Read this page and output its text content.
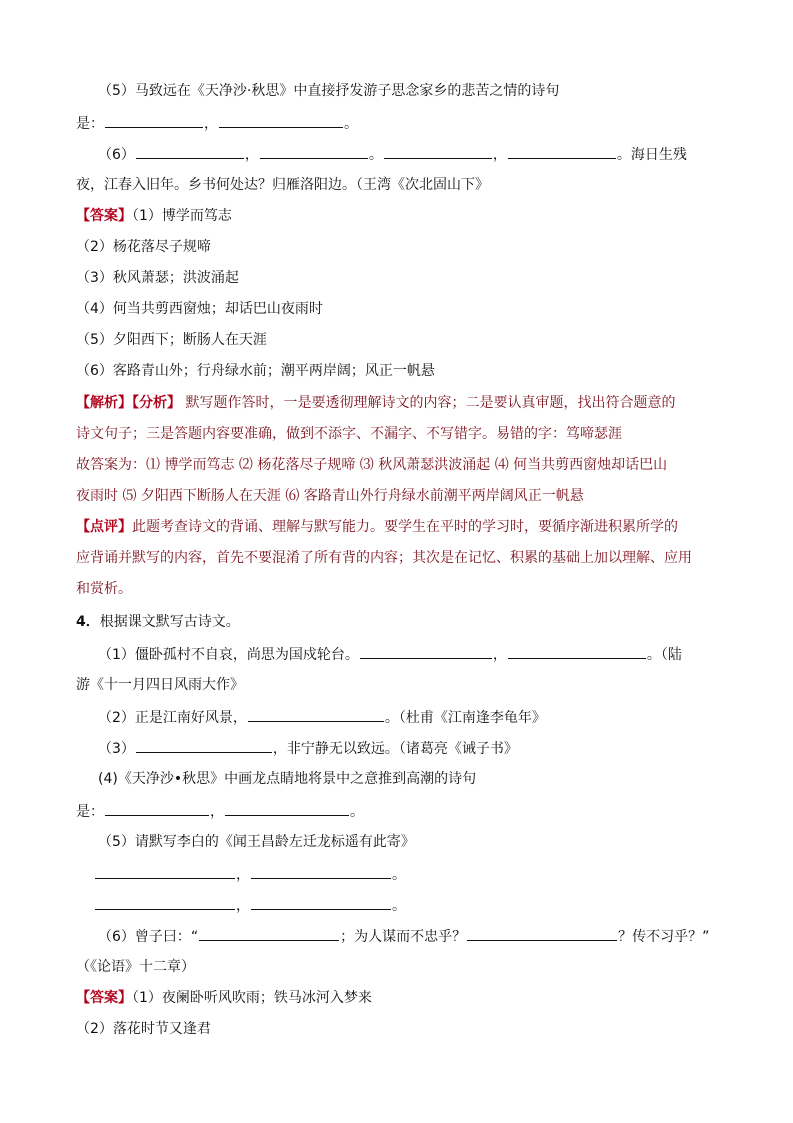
（5）马致远在《天净沙·秋思》中直接抒发游子思念家乡的悲苦之情的诗句
是：	，	。
（6）	，	。	，	。海日生残
夜，江春入旧年。乡书何处达？归雁洛阳边。（王湾《次北固山下》
【答案】（1）博学而笃志
（2）杨花落尽子规啼
（3）秋风萧瑟；洪波涌起
（4）何当共剪西窗烛；却话巴山夜雨时
（5）夕阳西下；断肠人在天涯
（6）客路青山外；行舟绿水前；潮平两岸阔；风正一帆悬
【解析】【分析】 默写题作答时，一是要透彻理解诗文的内容；二是要认真审题，找出符合题意的
诗文句子；三是答题内容要准确，做到不添字、不漏字、不写错字。易错的字：笃啼瑟涯
故答案为：⑴ 博学而笃志 ⑵ 杨花落尽子规啼 ⑶ 秋风萧瑟洪波涌起 ⑷ 何当共剪西窗烛却话巴山
夜雨时 ⑸ 夕阳西下断肠人在天涯 ⑹ 客路青山外行舟绿水前潮平两岸阔风正一帆悬
【点评】此题考查诗文的背诵、理解与默写能力。要学生在平时的学习时，要循序渐进积累所学的
应背诵并默写的内容，首先不要混淆了所有背的内容；其次是在记忆、积累的基础上加以理解、应用
和赏析。
4．根据课文默写古诗文。
（1）僵卧孤村不自哀，尚思为国戍轮台。	，	。（陆
游《十一月四日风雨大作》
（2）正是江南好风景，	。（杜甫《江南逢李龟年》
（3）	，非宁静无以致远。（诸葛亮《诫子书》
(4)《天净沙•秋思》中画龙点睛地将景中之意推到高潮的诗句
是：	，	。
（5）请默写李白的《闻王昌龄左迁龙标遥有此寄》
，	。
，	。
（6）曾子曰：“	；为人谋而不忠乎？	？传不习乎？”
（《论语》十二章）
【答案】（1）夜阑卧听风吹雨；铁马冰河入梦来
（2）落花时节又逢君
